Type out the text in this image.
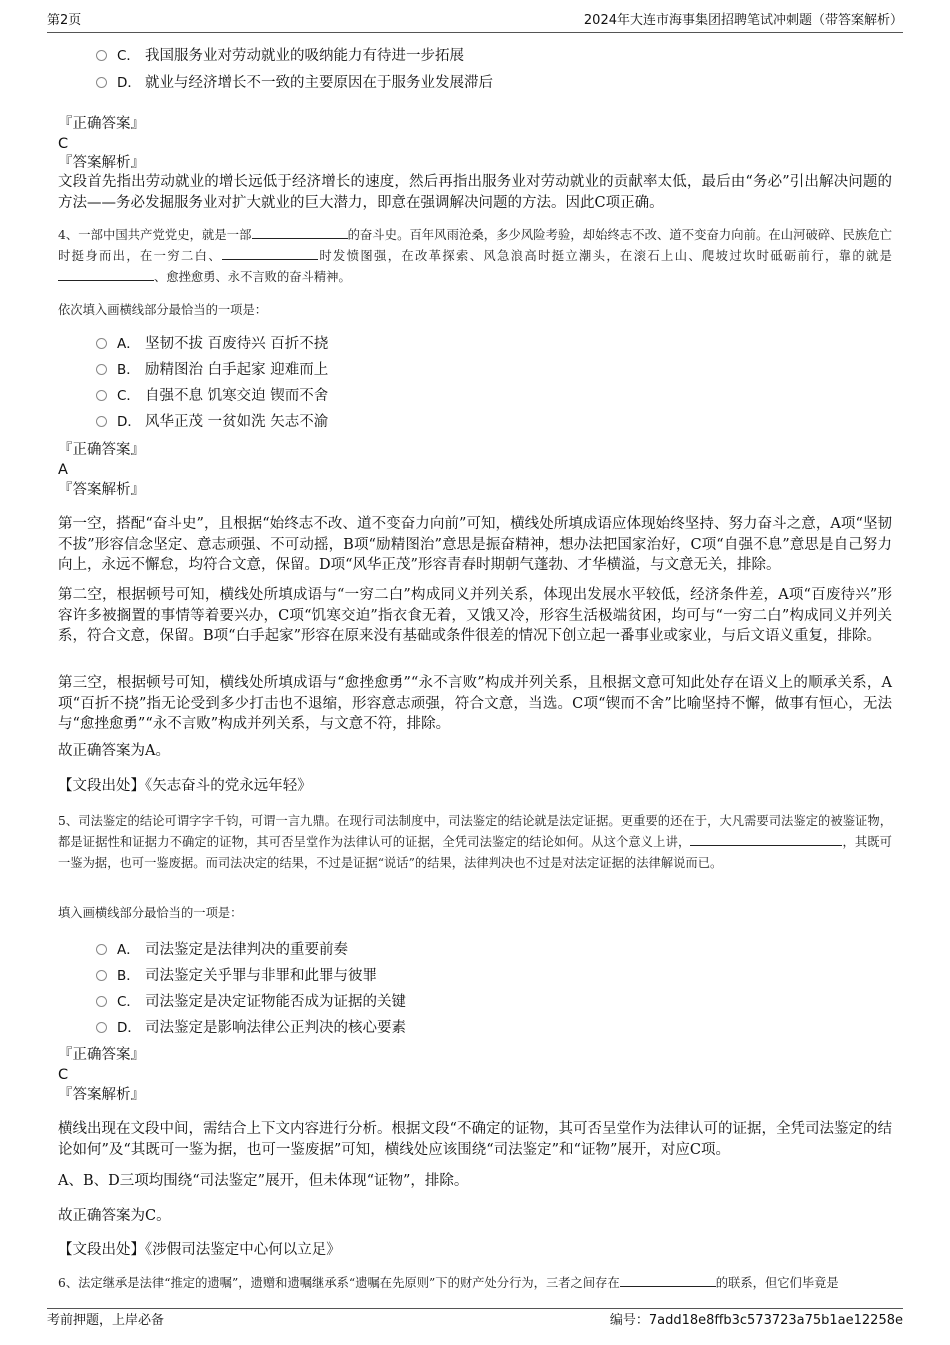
第2页	2024年大连市海事集团招聘笔试冲刺题（带答案解析）
C． 我国服务业对劳动就业的吸纳能力有待进一步拓展
D． 就业与经济增长不一致的主要原因在于服务业发展滞后
『正确答案』
C
『答案解析』
文段首先指出劳动就业的增长远低于经济增长的速度，然后再指出服务业对劳动就业的贡献率太低，最后由“务必”引出解决问题的方法——务必发掘服务业对扩大就业的巨大潜力，即意在强调解决问题的方法。因此C项正确。
4、一部中国共产党党史，就是一部	的奋斗史。百年风雨沧桑，多少风险考验，却始终志不改、道不变奋力向前。在山河破碎、民族危亡时挺身而出，在一穷二白、	时发愤图强，在改革探索、风急浪高时挺立潮头，在滚石上山、爬坡过坎时砥砺前行，靠的就是、愈挫愈勇、永不言败的奋斗精神。
依次填入画横线部分最恰当的一项是：
A． 坚韧不拔 百废待兴 百折不挠
B． 励精图治 白手起家 迎难而上
C． 自强不息 饥寒交迫 锲而不舍
D． 风华正茂 一贫如洗 矢志不渝
『正确答案』
A
『答案解析』
第一空，搭配“奋斗史”，且根据“始终志不改、道不变奋力向前”可知，横线处所填成语应体现始终坚持、努力奋斗之意，A项“坚韧不拔”形容信念坚定、意志顽强、不可动摇，B项“励精图治”意思是振奋精神，想办法把国家治好，C项“自强不息”意思是自己努力向上，永远不懈怠，均符合文意，保留。D项“风华正茂”形容青春时期朝气蓬勃、才华横溢，与文意无关，排除。
第二空，根据顿号可知，横线处所填成语与“一穷二白”构成同义并列关系，体现出发展水平较低，经济条件差，A项“百废待兴”形容许多被搁置的事情等着要兴办，C项“饥寒交迫”指衣食无着，又饿又冷，形容生活极端贫困，均可与“一穷二白”构成同义并列关系，符合文意，保留。B项“白手起家”形容在原来没有基础或条件很差的情况下创立起一番事业或家业，与后文语义重复，排除。
第三空，根据顿号可知，横线处所填成语与“愈挫愈勇”“永不言败”构成并列关系，且根据文意可知此处存在语义上的顺承关系，A项“百折不挠”指无论受到多少打击也不退缩，形容意志顽强，符合文意，当选。C项“锲而不舍”比喻坚持不懈，做事有恒心，无法与“愈挫愈勇”“永不言败”构成并列关系，与文意不符，排除。
故正确答案为A。
【文段出处】《矢志奋斗的党永远年轻》
5、司法鉴定的结论可谓字字千钧，可谓一言九鼎。在现行司法制度中，司法鉴定的结论就是法定证据。更重要的还在于，大凡需要司法鉴定的被鉴证物，都是证据性和证据力不确定的证物，其可否呈堂作为法律认可的证据，全凭司法鉴定的结论如何。从这个意义上讲，	，其既可一鉴为据，也可一鉴废据。而司法决定的结果，不过是证据“说话”的结果，法律判决也不过是对法定证据的法律解说而已。
填入画横线部分最恰当的一项是：
A． 司法鉴定是法律判决的重要前奏
B． 司法鉴定关乎罪与非罪和此罪与彼罪
C． 司法鉴定是决定证物能否成为证据的关键
D． 司法鉴定是影响法律公正判决的核心要素
『正确答案』
C
『答案解析』
横线出现在文段中间，需结合上下文内容进行分析。根据文段“不确定的证物，其可否呈堂作为法律认可的证据，全凭司法鉴定的结论如何”及“其既可一鉴为据，也可一鉴废据”可知，横线处应该围绕“司法鉴定”和“证物”展开，对应C项。
A、B、D三项均围绕“司法鉴定”展开，但未体现“证物”，排除。
故正确答案为C。
【文段出处】《涉假司法鉴定中心何以立足》
6、法定继承是法律“推定的遗嘱”，遗赠和遗嘱继承系“遗嘱在先原则”下的财产处分行为，三者之间存在	的联系，但它们毕竟是
考前押题，上岸必备	编号：7add18e8ffb3c573723a75b1ae12258e
